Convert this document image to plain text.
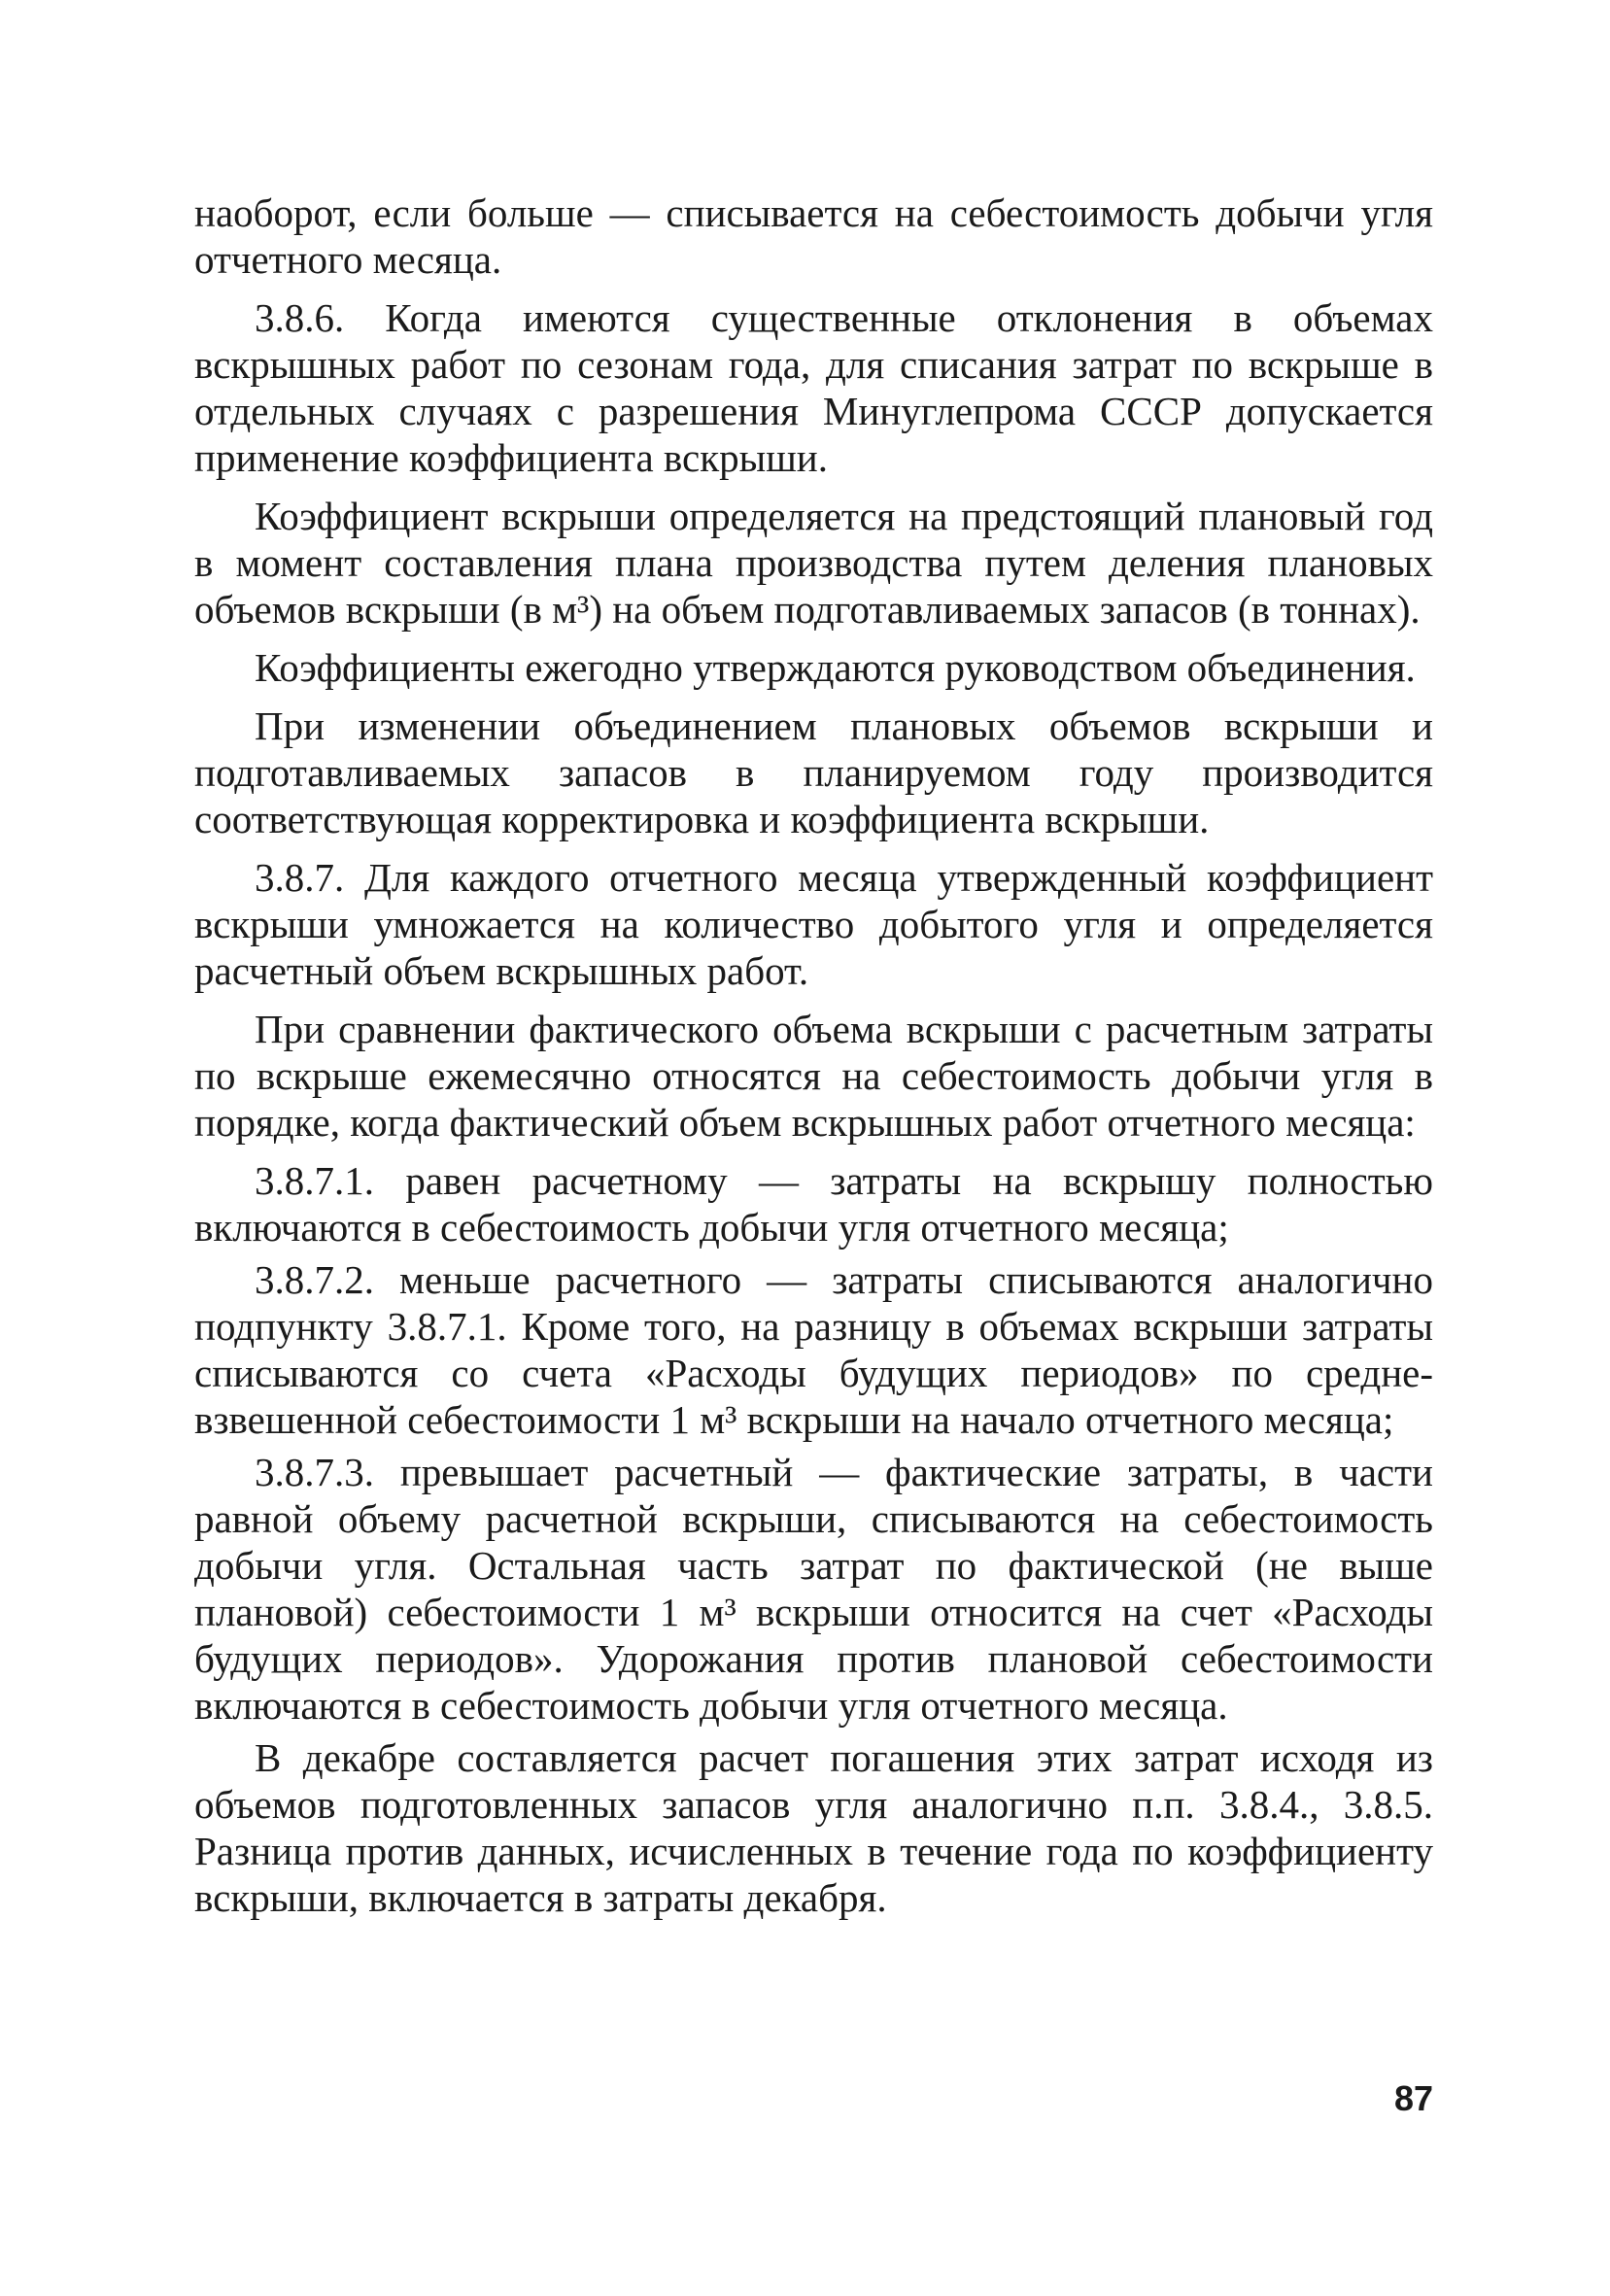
наоборот, если больше — списывается на себестоимость добычи угля отчетного месяца.

3.8.6. Когда имеются существенные отклонения в объемах вскрышных работ по сезонам года, для списания затрат по вскрыше в отдельных случаях с разрешения Минуглепрома СССР допускается применение коэффициента вскрыши.

Коэффициент вскрыши определяется на предстоящий плановый год в момент составления плана производства путем деления плановых объемов вскрыши (в м³) на объем подготавливаемых запасов (в тоннах).

Коэффициенты ежегодно утверждаются руководством объединения.

При изменении объединением плановых объемов вскрыши и подготавливаемых запасов в планируемом году производится соответствующая корректировка и коэффициента вскрыши.

3.8.7. Для каждого отчетного месяца утвержденный коэффициент вскрыши умножается на количество добытого угля и определяется расчетный объем вскрышных работ.

При сравнении фактического объема вскрыши с расчетным затраты по вскрыше ежемесячно относятся на себестоимость добычи угля в порядке, когда фактический объем вскрышных работ отчетного месяца:

3.8.7.1. равен расчетному — затраты на вскрышу полностью включаются в себестоимость добычи угля отчетного месяца;

3.8.7.2. меньше расчетного — затраты списываются аналогично подпункту 3.8.7.1. Кроме того, на разницу в объемах вскрыши затраты списываются со счета «Расходы будущих периодов» по средне-взвешенной себестоимости 1 м³ вскрыши на начало отчетного месяца;

3.8.7.3. превышает расчетный — фактические затраты, в части равной объему расчетной вскрыши, списываются на себестоимость добычи угля. Остальная часть затрат по фактической (не выше плановой) себестоимости 1 м³ вскрыши относится на счет «Расходы будущих периодов». Удорожания против плановой себестоимости включаются в себестоимость добычи угля отчетного месяца.

В декабре составляется расчет погашения этих затрат исходя из объемов подготовленных запасов угля аналогично п.п. 3.8.4., 3.8.5. Разница против данных, исчисленных в течение года по коэффициенту вскрыши, включается в затраты декабря.

87
